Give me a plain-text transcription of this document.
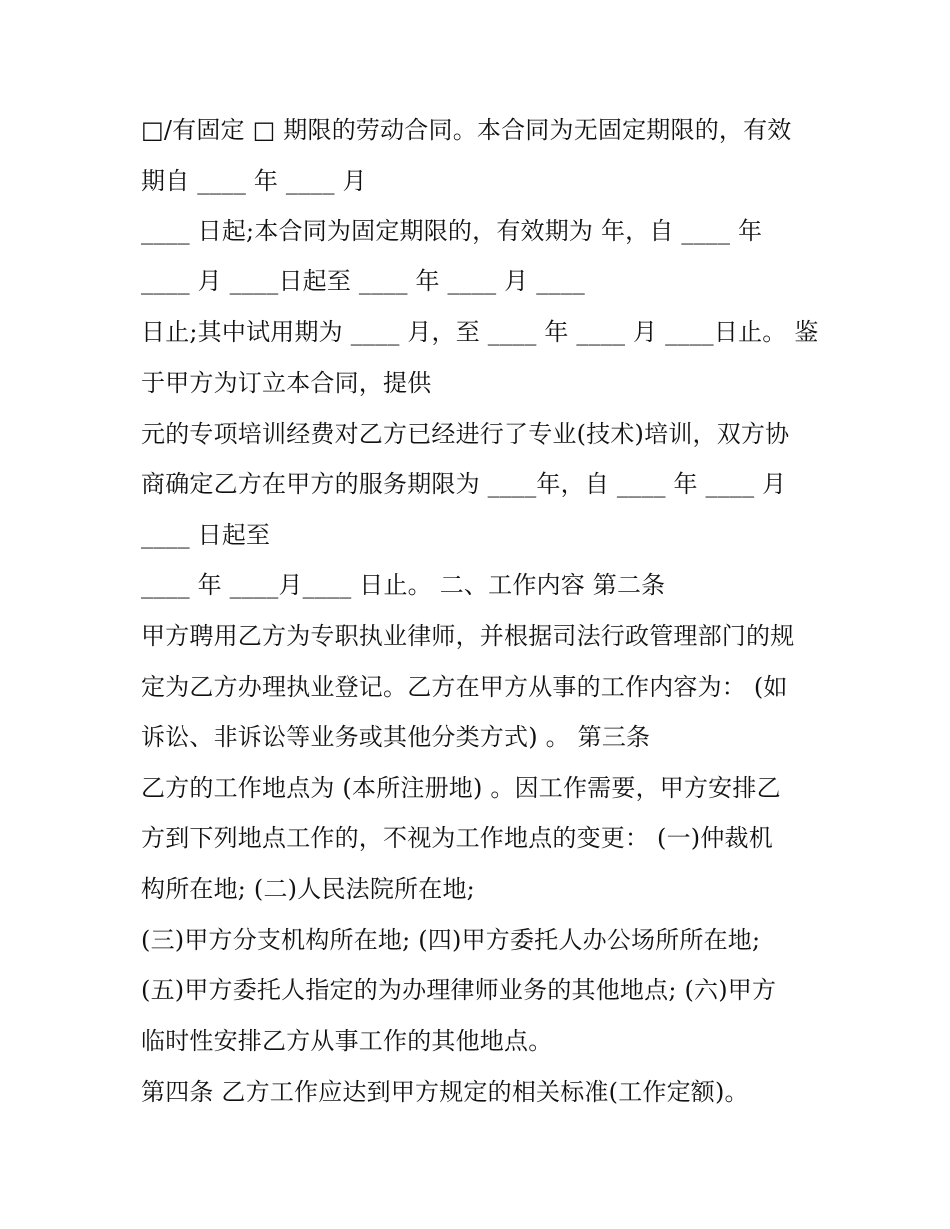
□/有固定 □ 期限的劳动合同。本合同为无固定期限的，有效
期自 ____ 年 ____ 月
____ 日起;本合同为固定期限的，有效期为 年，自 ____ 年
____ 月 ____日起至 ____ 年 ____ 月 ____
日止;其中试用期为 ____ 月，至 ____ 年 ____ 月 ____日止。 鉴
于甲方为订立本合同，提供
元的专项培训经费对乙方已经进行了专业(技术)培训，双方协
商确定乙方在甲方的服务期限为 ____年，自 ____ 年 ____ 月
____ 日起至
____ 年 ____月____ 日止。 二、工作内容 第二条
甲方聘用乙方为专职执业律师，并根据司法行政管理部门的规
定为乙方办理执业登记。乙方在甲方从事的工作内容为： (如
诉讼、非诉讼等业务或其他分类方式) 。 第三条
乙方的工作地点为 (本所注册地) 。因工作需要，甲方安排乙
方到下列地点工作的，不视为工作地点的变更： (一)仲裁机
构所在地; (二)人民法院所在地;
(三)甲方分支机构所在地; (四)甲方委托人办公场所所在地;
(五)甲方委托人指定的为办理律师业务的其他地点; (六)甲方
临时性安排乙方从事工作的其他地点。
第四条 乙方工作应达到甲方规定的相关标准(工作定额)。
